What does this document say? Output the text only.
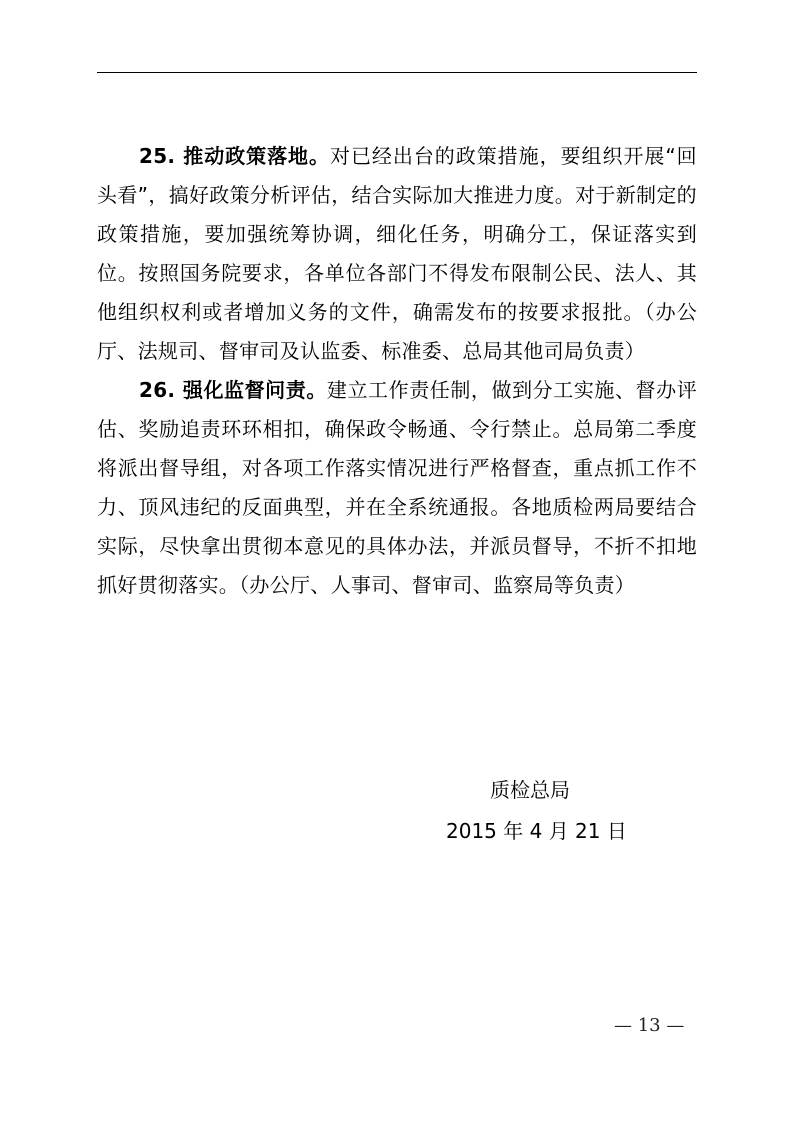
25. 推动政策落地。对已经出台的政策措施，要组织开展“回头看”，搞好政策分析评估，结合实际加大推进力度。对于新制定的政策措施，要加强统筹协调，细化任务，明确分工，保证落实到位。按照国务院要求，各单位各部门不得发布限制公民、法人、其他组织权利或者增加义务的文件，确需发布的按要求报批。（办公厅、法规司、督审司及认监委、标准委、总局其他司局负责）

26. 强化监督问责。建立工作责任制，做到分工实施、督办评估、奖励追责环环相扣，确保政令畅通、令行禁止。总局第二季度将派出督导组，对各项工作落实情况进行严格督查，重点抓工作不力、顶风违纪的反面典型，并在全系统通报。各地质检两局要结合实际，尽快拿出贯彻本意见的具体办法，并派员督导，不折不扣地抓好贯彻落实。（办公厅、人事司、督审司、监察局等负责）

质检总局
2015 年 4 月 21 日
— 13 —
